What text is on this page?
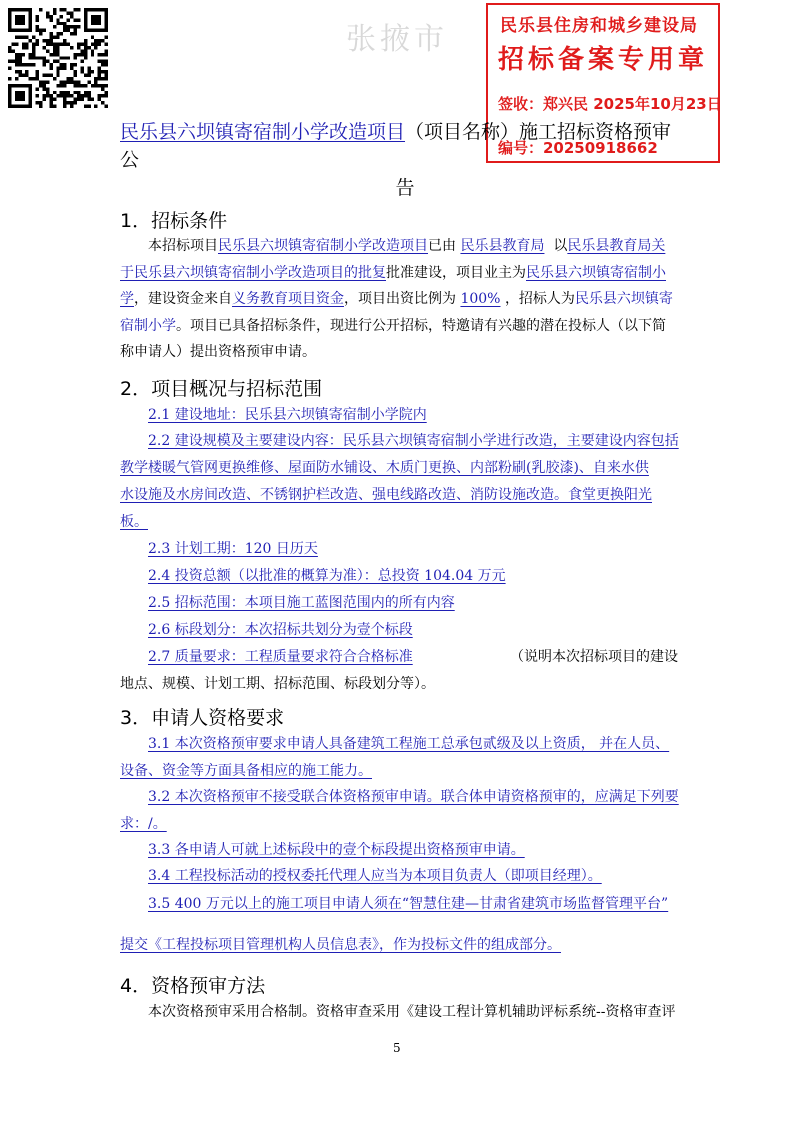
张掖市	民乐县住房和城乡建设局
招标备案专用章
签收：郑兴民 2025年10月23日
编号：20250918662
民乐县六坝镇寄宿制小学改造项目（项目名称）施工招标资格预审公
告
1．招标条件
本招标项目民乐县六坝镇寄宿制小学改造项目已由 民乐县教育局 以民乐县教育局关于民乐县六坝镇寄宿制小学改造项目的批复批准建设，项目业主为民乐县六坝镇寄宿制小学，建设资金来自义务教育项目资金，项目出资比例为 100% ，招标人为民乐县六坝镇寄宿制小学。项目已具备招标条件，现进行公开招标，特邀请有兴趣的潜在投标人（以下简称申请人）提出资格预审申请。
2．项目概况与招标范围
2.1 建设地址：民乐县六坝镇寄宿制小学院内
2.2 建设规模及主要建设内容：民乐县六坝镇寄宿制小学进行改造，主要建设内容包括
教学楼暖气管网更换维修、屋面防水铺设、木质门更换、内部粉刷(乳胶漆)、自来水供
水设施及水房间改造、不锈钢护栏改造、强电线路改造、消防设施改造。食堂更换阳光
板。
2.3 计划工期：120 日历天
2.4 投资总额（以批准的概算为准）：总投资 104.04 万元
2.5 招标范围：本项目施工蓝图范围内的所有内容
2.6 标段划分：本次招标共划分为壹个标段
2.7 质量要求：工程质量要求符合合格标准	（说明本次招标项目的建设
地点、规模、计划工期、招标范围、标段划分等）。
3．申请人资格要求
3.1 本次资格预审要求申请人具备建筑工程施工总承包贰级及以上资质， 并在人员、
设备、资金等方面具备相应的施工能力。
3.2 本次资格预审不接受联合体资格预审申请。联合体申请资格预审的，应满足下列要
求：/。
3.3 各申请人可就上述标段中的壹个标段提出资格预审申请。
3.4 工程投标活动的授权委托代理人应当为本项目负责人（即项目经理）。
3.5 400 万元以上的施工项目申请人须在“智慧住建—甘肃省建筑市场监督管理平台”
提交《工程投标项目管理机构人员信息表》，作为投标文件的组成部分。
4．资格预审方法
本次资格预审采用合格制。资格审查采用《建设工程计算机辅助评标系统--资格审查评
5
